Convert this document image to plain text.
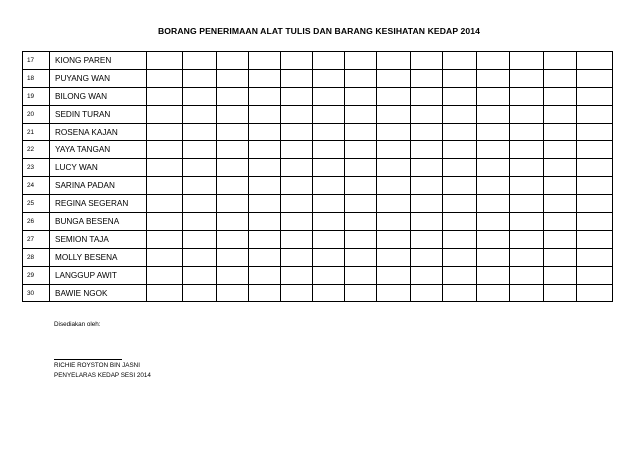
BORANG PENERIMAAN ALAT TULIS DAN BARANG KESIHATAN KEDAP 2014
17	KIONG PAREN														
18	PUYANG WAN														
19	BILONG WAN														
20	SEDIN TURAN														
21	ROSENA KAJAN														
22	YAYA TANGAN														
23	LUCY WAN														
24	SARINA PADAN														
25	REGINA SEGERAN														
26	BUNGA BESENA														
27	SEMION TAJA														
28	MOLLY BESENA														
29	LANGGUP AWIT														
30	BAWIE NGOK														
Disediakan oleh:
RICHIE ROYSTON BIN JASNI
PENYELARAS KEDAP SESI 2014
